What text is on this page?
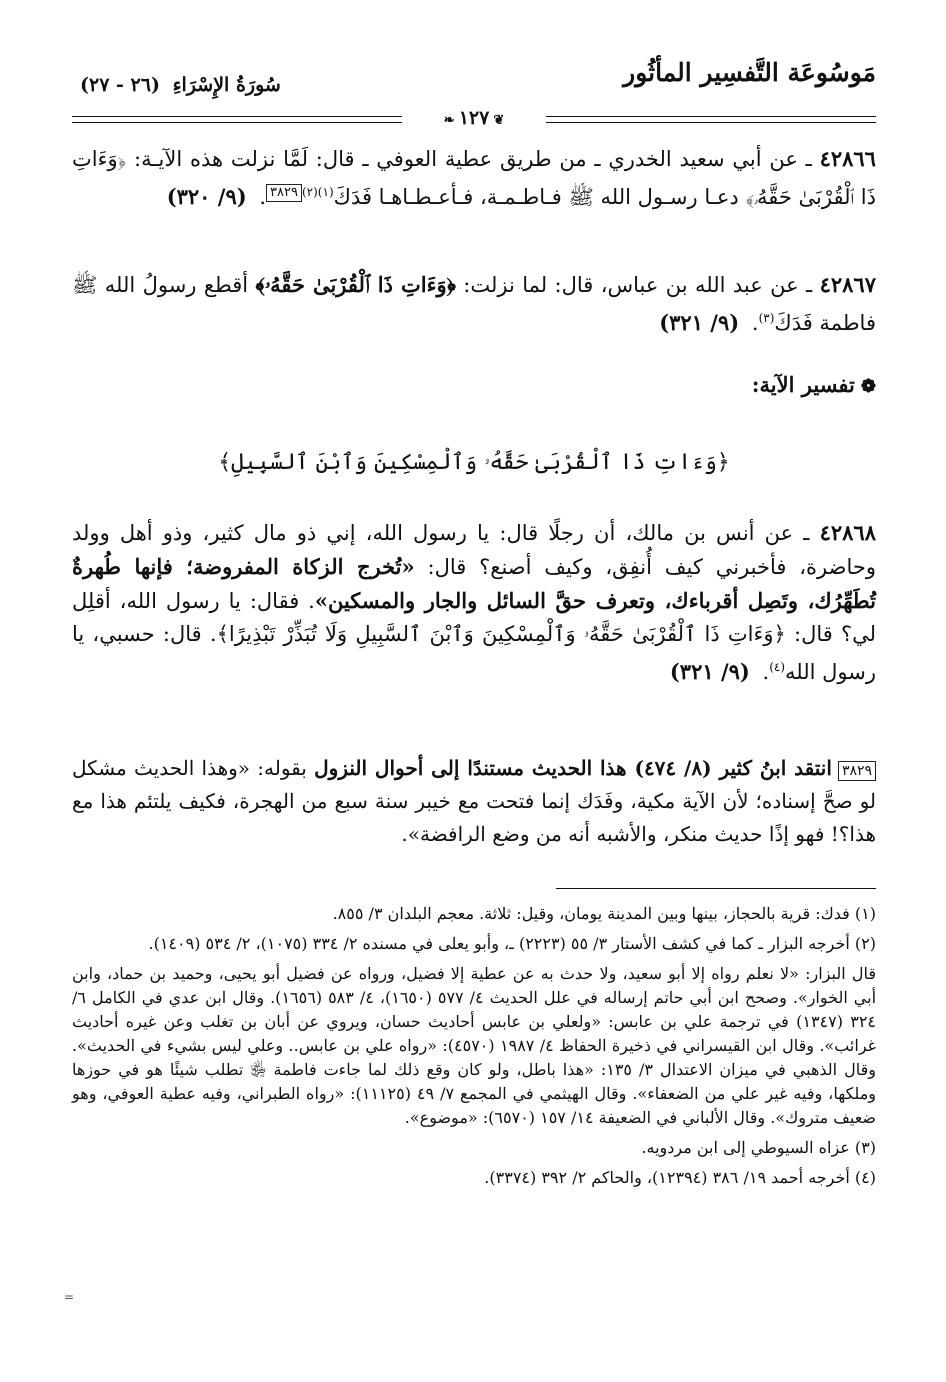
مَوسُوعَة التَّفسِير المأثُور
سُورَةُ الإِسْرَاءِ (٢٦ - ٢٧)
❦١٢٧❧

٤٢٨٦٦ ـ عن أبي سعيد الخدري ـ من طريق عطية العوفي ـ قال: لَمَّا نزلت هذه الآيـة: ﴿وَءَاتِ ذَا ٱلْقُرْبَىٰ حَقَّهُۥ﴾ دعـا رسـول الله ﷺ فـاطـمـة، فـأعـطـاهـا فَدَكَ$^{(١)(٢)}$٣٨٢٩. (٩/ ٣٢٠)

٤٢٨٦٧ ـ عن عبد الله بن عباس، قال: لما نزلت: ﴿وَءَاتِ ذَا ٱلْقُرْبَىٰ حَقَّهُۥ﴾ أقطع رسولُ الله ﷺ فاطمة فَدَكَ$^{(٣)}$. (٩/ ٣٢١)

❁تفسير الآية:
﴿وَءَاتِ ذَا ٱلْقُرْبَىٰ حَقَّهُۥ وَٱلْمِسْكِينَ وَٱبْنَ ٱلسَّبِيلِ﴾

٤٢٨٦٨ ـ عن أنس بن مالك، أن رجلًا قال: يا رسول الله، إني ذو مال كثير، وذو أهل وولد وحاضرة، فأخبرني كيف أُنفِق، وكيف أصنع؟ قال: «تُخرج الزكاة المفروضة؛ فإنها طُهرةٌ تُطَهِّرُك، وتَصِل أقرباءك، وتعرف حقَّ السائل والجار والمسكين». فقال: يا رسول الله، أقلِل لي؟ قال: ﴿وَءَاتِ ذَا ٱلْقُرْبَىٰ حَقَّهُۥ وَٱلْمِسْكِينَ وَٱبْنَ ٱلسَّبِيلِ وَلَا تُبَذِّرْ تَبْذِيرًا﴾. قال: حسبي، يا رسول الله$^{(٤)}$. (٩/ ٣٢١)

٣٨٢٩انتقد ابنُ كثير (٨/ ٤٧٤) هذا الحديث مستندًا إلى أحوال النزول بقوله: «وهذا الحديث مشكل لو صحَّ إسناده؛ لأن الآية مكية، وفَدَك إنما فتحت مع خيبر سنة سبع من الهجرة، فكيف يلتئم هذا مع هذا؟! فهو إذًا حديث منكر، والأشبه أنه من وضع الرافضة».

(١) فدك: قرية بالحجاز، بينها وبين المدينة يومان، وقيل: ثلاثة. معجم البلدان ٣/ ٨٥٥.

(٢) أخرجه البزار ـ كما في كشف الأستار ٣/ ٥٥ (٢٢٢٣) ـ، وأبو يعلى في مسنده ٢/ ٣٣٤ (١٠٧٥)، ٢/ ٥٣٤ (١٤٠٩).

قال البزار: «لا نعلم رواه إلا أبو سعيد، ولا حدث به عن عطية إلا فضيل، ورواه عن فضيل أبو يحيى، وحميد بن حماد، وابن أبي الخوار». وصحح ابن أبي حاتم إرساله في علل الحديث ٤/ ٥٧٧ (١٦٥٠)، ٤/ ٥٨٣ (١٦٥٦). وقال ابن عدي في الكامل ٦/ ٣٢٤ (١٣٤٧) في ترجمة علي بن عابس: «ولعلي بن عابس أحاديث حسان، ويروي عن أبان بن تغلب وعن غيره أحاديث غرائب». وقال ابن القيسراني في ذخيرة الحفاظ ٤/ ١٩٨٧ (٤٥٧٠): «رواه علي بن عابس.. وعلي ليس بشيء في الحديث». وقال الذهبي في ميزان الاعتدال ٣/ ١٣٥: «هذا باطل، ولو كان وقع ذلك لما جاءت فاطمة ﵂ تطلب شيئًا هو في حوزها وملكها، وفيه غير علي من الضعفاء». وقال الهيثمي في المجمع ٧/ ٤٩ (١١١٢٥): «رواه الطبراني، وفيه عطية العوفي، وهو ضعيف متروك». وقال الألباني في الضعيفة ١٤/ ١٥٧ (٦٥٧٠): «موضوع».

(٣) عزاه السيوطي إلى ابن مردويه.

(٤) أخرجه أحمد ١٩/ ٣٨٦ (١٢٣٩٤)، والحاكم ٢/ ٣٩٢ (٣٣٧٤).

=
